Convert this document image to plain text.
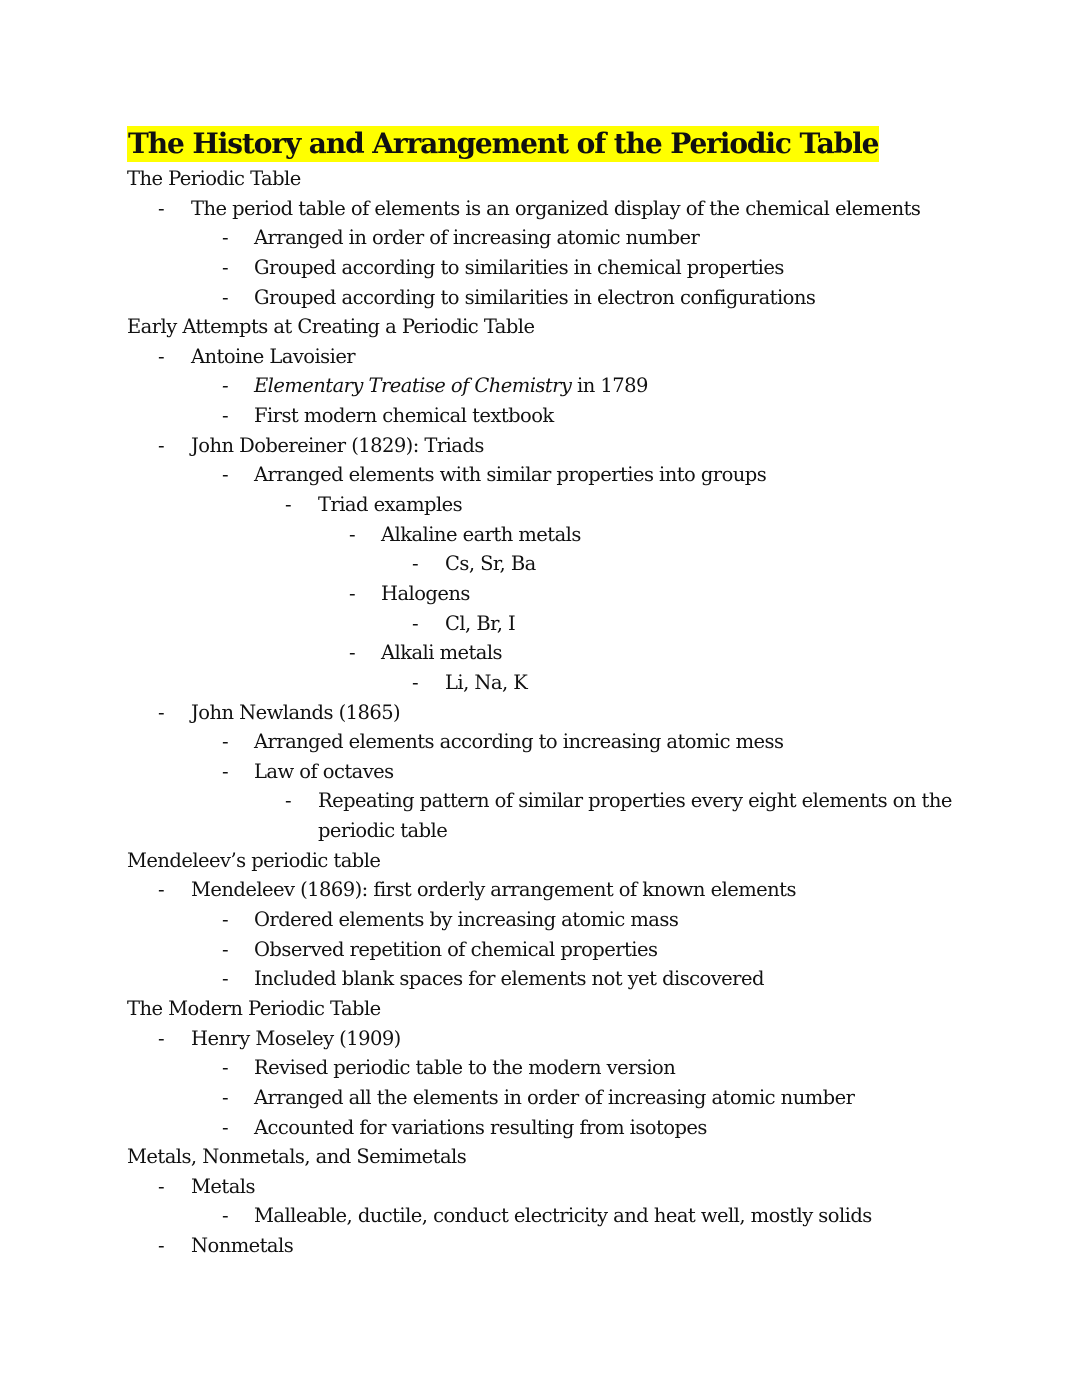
The History and Arrangement of the Periodic Table
The Periodic Table
- The period table of elements is an organized display of the chemical elements
- Arranged in order of increasing atomic number
- Grouped according to similarities in chemical properties
- Grouped according to similarities in electron configurations
Early Attempts at Creating a Periodic Table
- Antoine Lavoisier
- Elementary Treatise of Chemistry in 1789
- First modern chemical textbook
- John Dobereiner (1829): Triads
- Arranged elements with similar properties into groups
- Triad examples
- Alkaline earth metals
- Cs, Sr, Ba
- Halogens
- Cl, Br, I
- Alkali metals
- Li, Na, K
- John Newlands (1865)
- Arranged elements according to increasing atomic mess
- Law of octaves
- Repeating pattern of similar properties every eight elements on the
periodic table
Mendeleev’s periodic table
- Mendeleev (1869): first orderly arrangement of known elements
- Ordered elements by increasing atomic mass
- Observed repetition of chemical properties
- Included blank spaces for elements not yet discovered
The Modern Periodic Table
- Henry Moseley (1909)
- Revised periodic table to the modern version
- Arranged all the elements in order of increasing atomic number
- Accounted for variations resulting from isotopes
Metals, Nonmetals, and Semimetals
- Metals
- Malleable, ductile, conduct electricity and heat well, mostly solids
- Nonmetals
